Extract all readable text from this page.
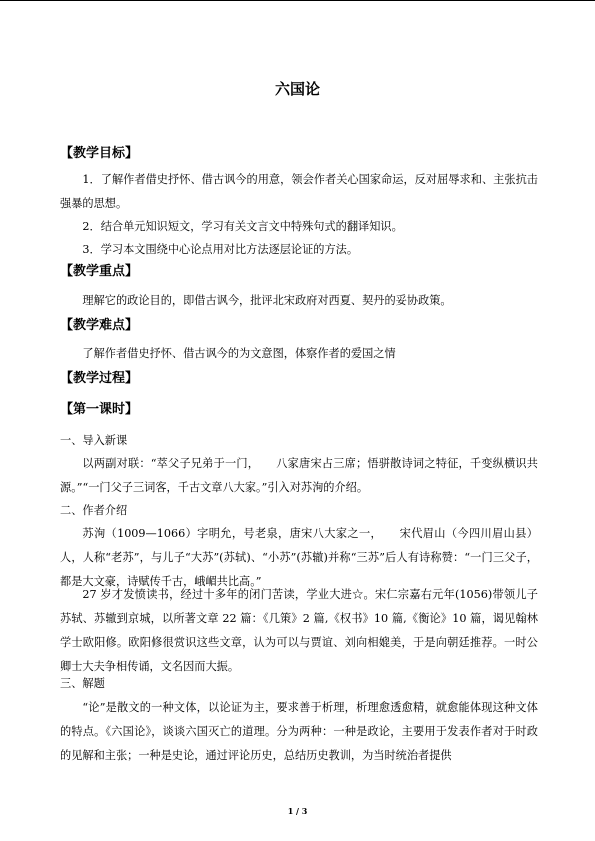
六国论
【教学目标】
1．了解作者借史抒怀、借古讽今的用意，领会作者关心国家命运，反对屈辱求和、主张抗击强暴的思想。
2．结合单元知识短文，学习有关文言文中特殊句式的翻译知识。
3．学习本文围绕中心论点用对比方法逐层论证的方法。
【教学重点】
理解它的政论目的，即借古讽今，批评北宋政府对西夏、契丹的妥协政策。
【教学难点】
了解作者借史抒怀、借古讽今的为文意图，体察作者的爱国之情
【教学过程】
【第一课时】
一、导入新课
以两副对联：“萃父子兄弟于一门，　　八家唐宋占三席；悟骈散诗词之特征，千变纵横识共源。”“一门父子三词客，千古文章八大家。”引入对苏洵的介绍。
二、作者介绍
苏洵（1009—1066）字明允，号老泉，唐宋八大家之一，　　宋代眉山（今四川眉山县）人，人称“老苏”，与儿子“大苏”(苏轼)、“小苏”(苏辙)并称“三苏”后人有诗称赞：“一门三父子，都是大文豪，诗赋传千古，峨嵋共比高。”
27 岁才发愤读书，经过十多年的闭门苦读，学业大进☆。宋仁宗嘉右元年(1056)带领儿子苏轼、苏辙到京城，以所著文章 22 篇：《几策》2 篇,《权书》10 篇,《衡论》10 篇，谒见翰林学士欧阳修。欧阳修很赏识这些文章，认为可以与贾谊、刘向相媲美，于是向朝廷推荐。一时公卿士大夫争相传诵，文名因而大振。
三、解题
“论”是散文的一种文体，以论证为主，要求善于析理，析理愈透愈精，就愈能体现这种文体的特点。《六国论》，谈谈六国灭亡的道理。分为两种：一种是政论，主要用于发表作者对于时政的见解和主张；一种是史论，通过评论历史，总结历史教训，为当时统治者提供
1 / 3
